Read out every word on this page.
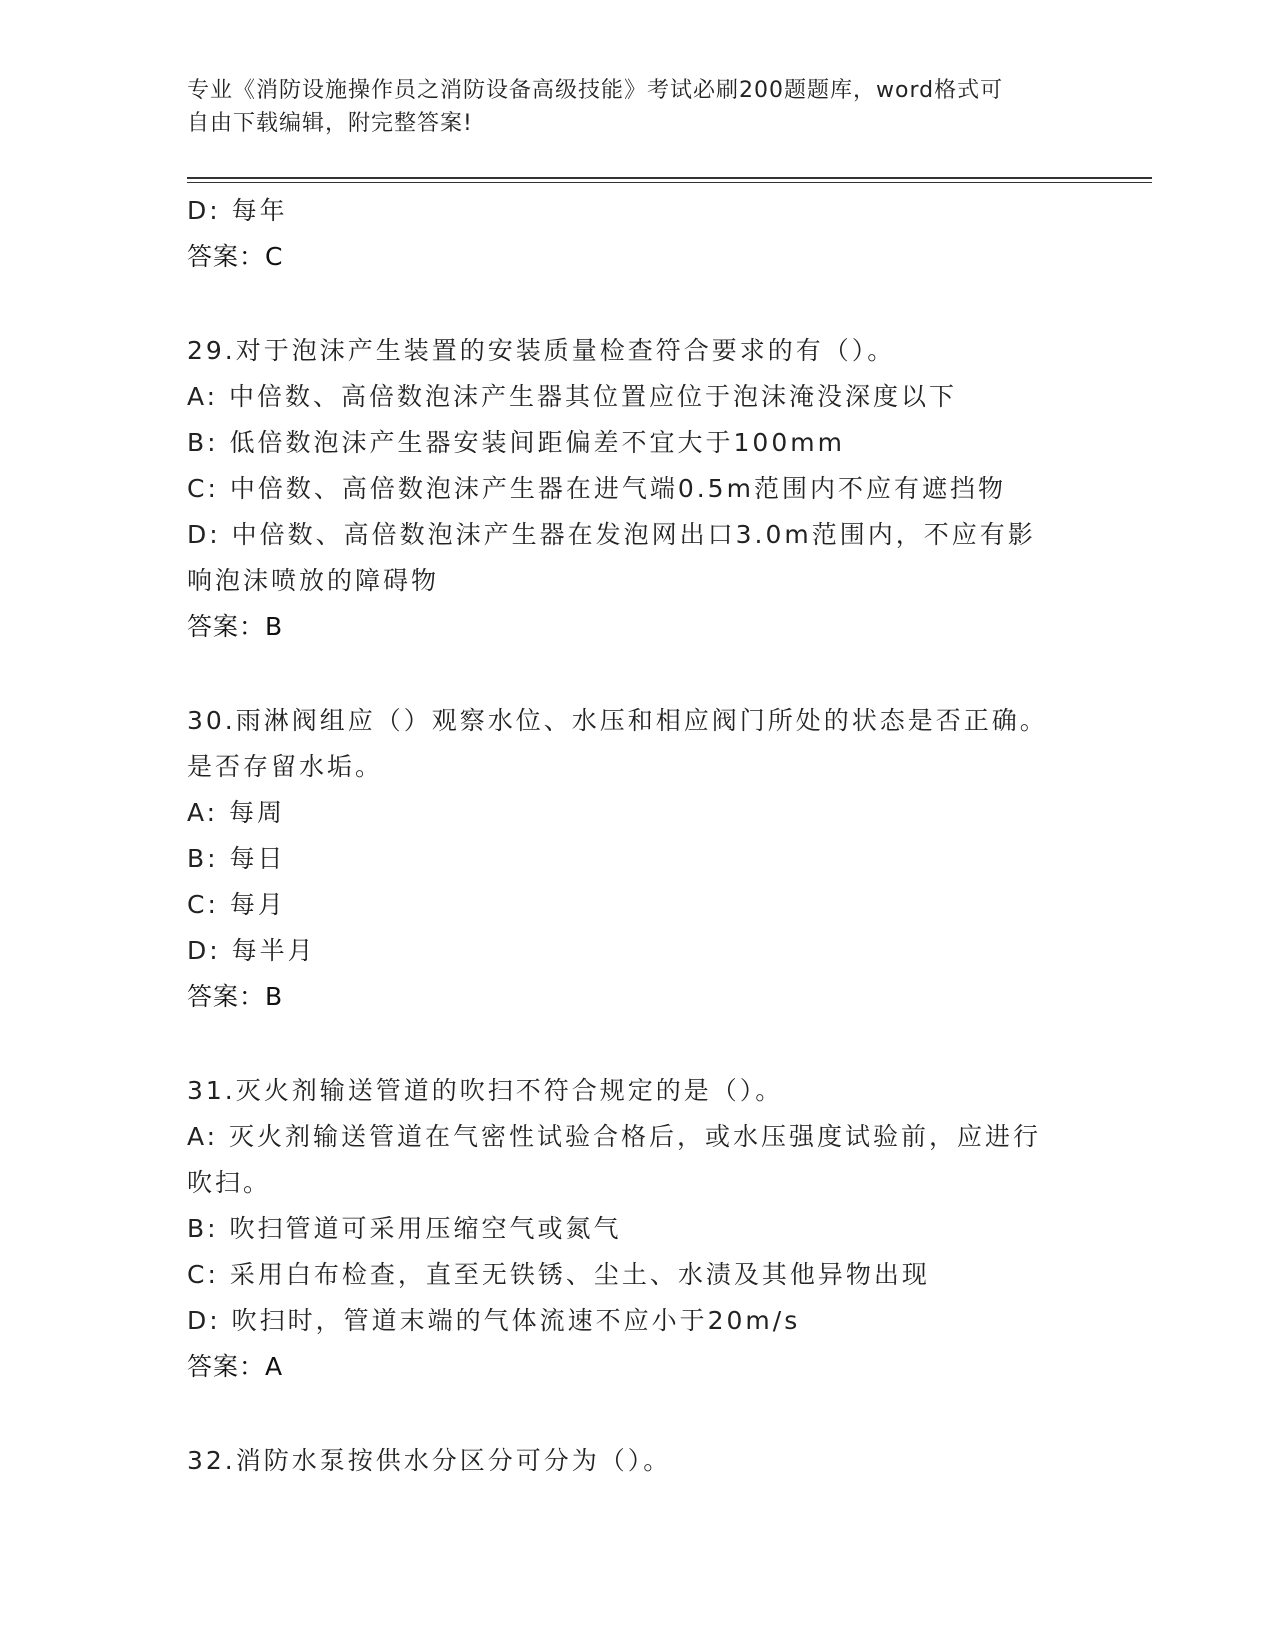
专业《消防设施操作员之消防设备高级技能》考试必刷200题题库，word格式可
自由下载编辑，附完整答案!

D: 每年

答案：C

29.对于泡沫产生装置的安装质量检查符合要求的有（）。

A: 中倍数、高倍数泡沫产生器其位置应位于泡沫淹没深度以下

B: 低倍数泡沫产生器安装间距偏差不宜大于100mm

C: 中倍数、高倍数泡沫产生器在进气端0.5m范围内不应有遮挡物

D: 中倍数、高倍数泡沫产生器在发泡网出口3.0m范围内，不应有影

响泡沫喷放的障碍物

答案：B

30.雨淋阀组应（）观察水位、水压和相应阀门所处的状态是否正确。

是否存留水垢。

A: 每周

B: 每日

C: 每月

D: 每半月

答案：B

31.灭火剂输送管道的吹扫不符合规定的是（）。

A: 灭火剂输送管道在气密性试验合格后，或水压强度试验前，应进行

吹扫。

B: 吹扫管道可采用压缩空气或氮气

C: 采用白布检查，直至无铁锈、尘土、水渍及其他异物出现

D: 吹扫时，管道末端的气体流速不应小于20m/s

答案：A

32.消防水泵按供水分区分可分为（）。
